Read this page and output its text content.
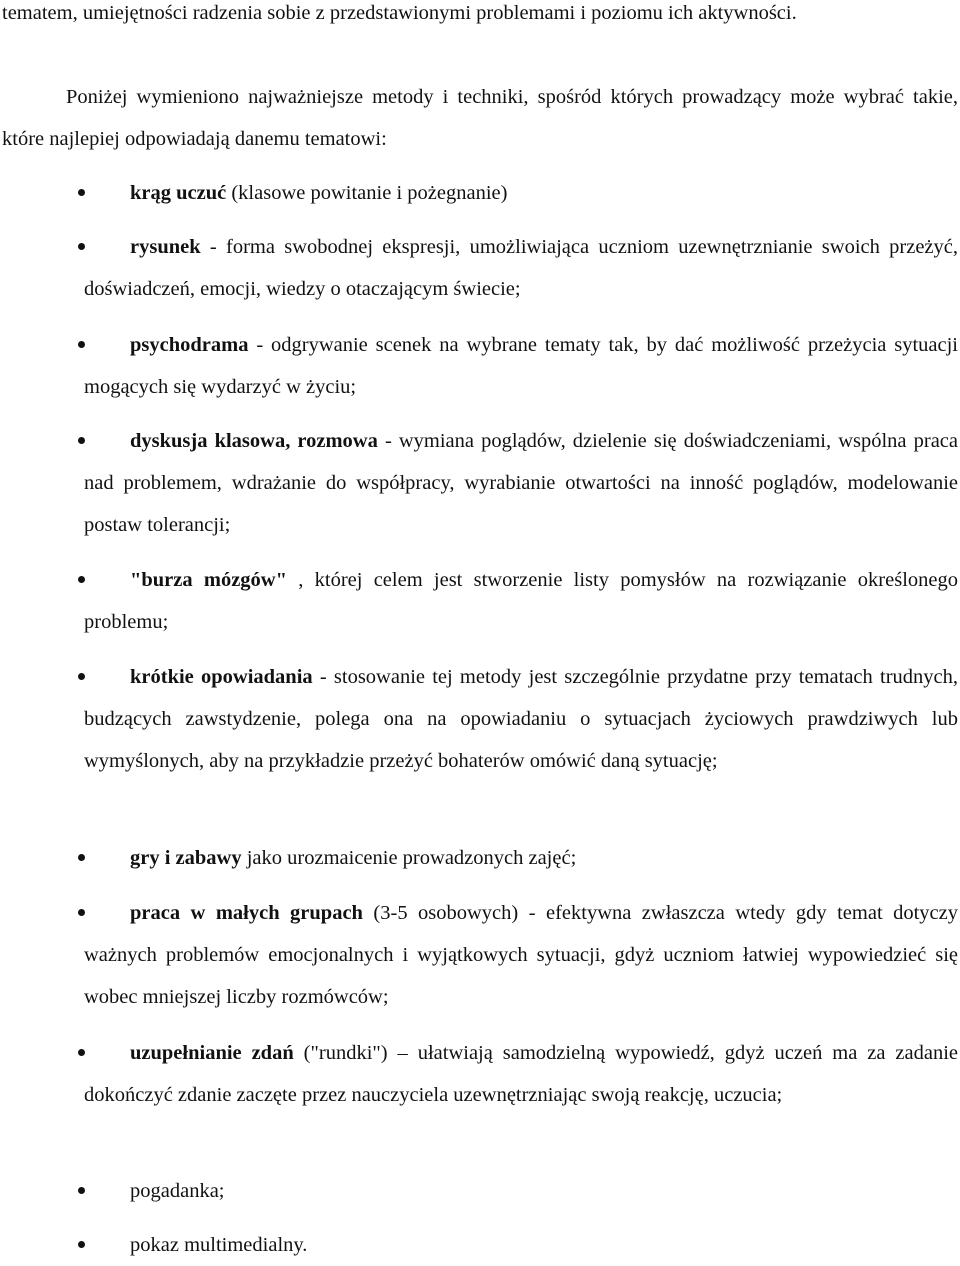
tematem, umiejętności radzenia sobie z przedstawionymi problemami i poziomu ich aktywności.

Poniżej wymieniono najważniejsze metody i techniki, spośród których prowadzący może wybrać takie, które najlepiej odpowiadają danemu tematowi:

krąg uczuć (klasowe powitanie i pożegnanie)
rysunek - forma swobodnej ekspresji, umożliwiająca uczniom uzewnętrznianie swoich przeżyć, doświadczeń, emocji, wiedzy o otaczającym świecie;
psychodrama - odgrywanie scenek na wybrane tematy tak, by dać możliwość przeżycia sytuacji mogących się wydarzyć w życiu;
dyskusja klasowa, rozmowa - wymiana poglądów, dzielenie się doświadczeniami, wspólna praca nad problemem, wdrażanie do współpracy, wyrabianie otwartości na inność poglądów, modelowanie postaw tolerancji;
"burza mózgów" , której celem jest stworzenie listy pomysłów na rozwiązanie określonego problemu;
krótkie opowiadania - stosowanie tej metody jest szczególnie przydatne przy tematach trudnych, budzących zawstydzenie, polega ona na opowiadaniu o sytuacjach życiowych prawdziwych lub wymyślonych, aby na przykładzie przeżyć bohaterów omówić daną sytuację;
gry i zabawy jako urozmaicenie prowadzonych zajęć;
praca w małych grupach (3-5 osobowych) - efektywna zwłaszcza wtedy gdy temat dotyczy ważnych problemów emocjonalnych i wyjątkowych sytuacji, gdyż uczniom łatwiej wypowiedzieć się wobec mniejszej liczby rozmówców;
uzupełnianie zdań ("rundki") – ułatwiają samodzielną wypowiedź, gdyż uczeń ma za zadanie dokończyć zdanie zaczęte przez nauczyciela uzewnętrzniając swoją reakcję, uczucia;
pogadanka;
pokaz multimedialny.
